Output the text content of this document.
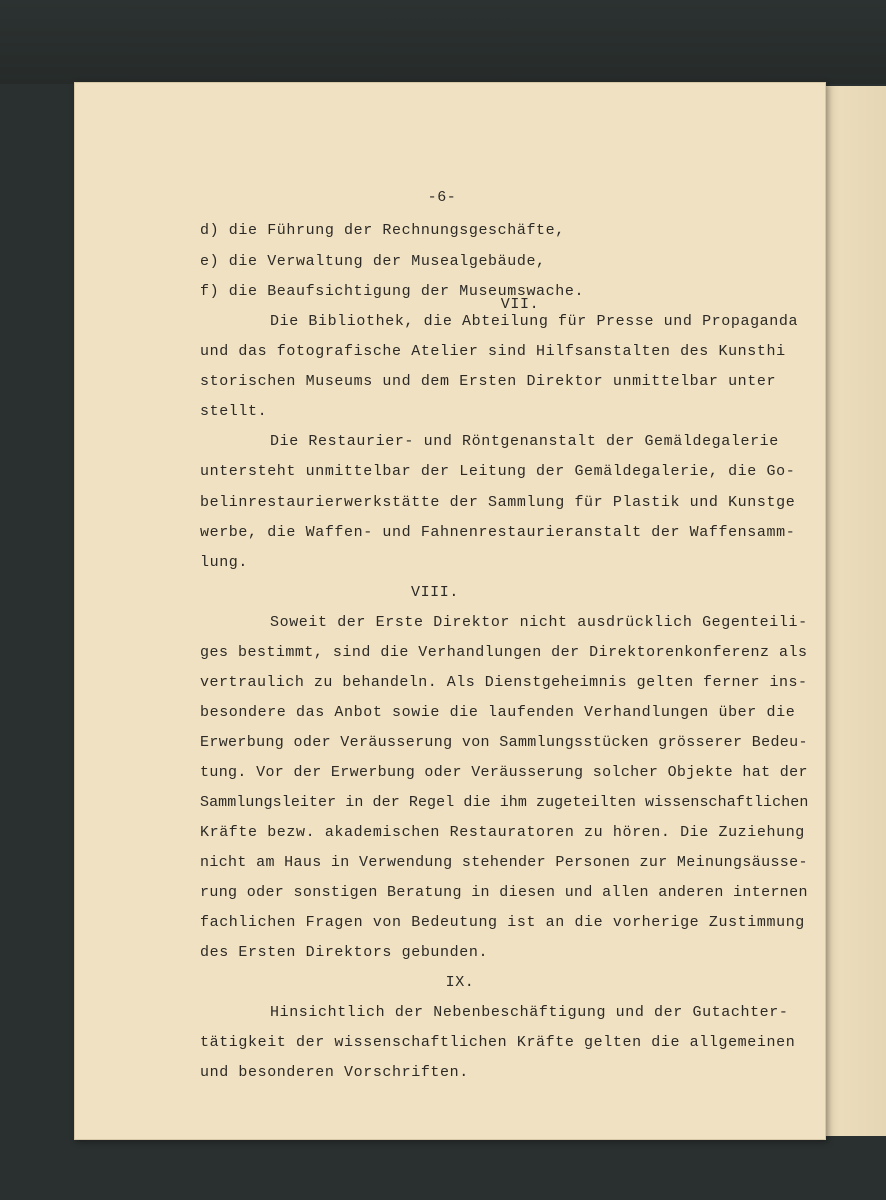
-6-
d) die Führung der Rechnungsgeschäfte,
e) die Verwaltung der Musealgebäude,
f) die Beaufsichtigung der Museumswache.
VII.
Die Bibliothek, die Abteilung für Presse und Propaganda
und das fotografische Atelier sind Hilfsanstalten des Kunsthi
storischen Museums und dem Ersten Direktor unmittelbar unter
stellt.
Die Restaurier- und Röntgenanstalt der Gemäldegalerie
untersteht unmittelbar der Leitung der Gemäldegalerie, die Go-
belinrestaurierwerkstätte der Sammlung für Plastik und Kunstge
werbe, die Waffen- und Fahnenrestaurieranstalt der Waffensamm-
lung.
VIII.
Soweit der Erste Direktor nicht ausdrücklich Gegenteili-
ges bestimmt, sind die Verhandlungen der Direktorenkonferenz als
vertraulich zu behandeln. Als Dienstgeheimnis gelten ferner ins-
besondere das Anbot sowie die laufenden Verhandlungen über die
Erwerbung oder Veräusserung von Sammlungsstücken grösserer Bedeu-
tung. Vor der Erwerbung oder Veräusserung solcher Objekte hat der
Sammlungsleiter in der Regel die ihm zugeteilten wissenschaftlichen
Kräfte bezw. akademischen Restauratoren zu hören. Die Zuziehung
nicht am Haus in Verwendung stehender Personen zur Meinungsäusse-
rung oder sonstigen Beratung in diesen und allen anderen internen
fachlichen Fragen von Bedeutung ist an die vorherige Zustimmung
des Ersten Direktors gebunden.
IX.
Hinsichtlich der Nebenbeschäftigung und der Gutachter-
tätigkeit der wissenschaftlichen Kräfte gelten die allgemeinen
und besonderen Vorschriften.
